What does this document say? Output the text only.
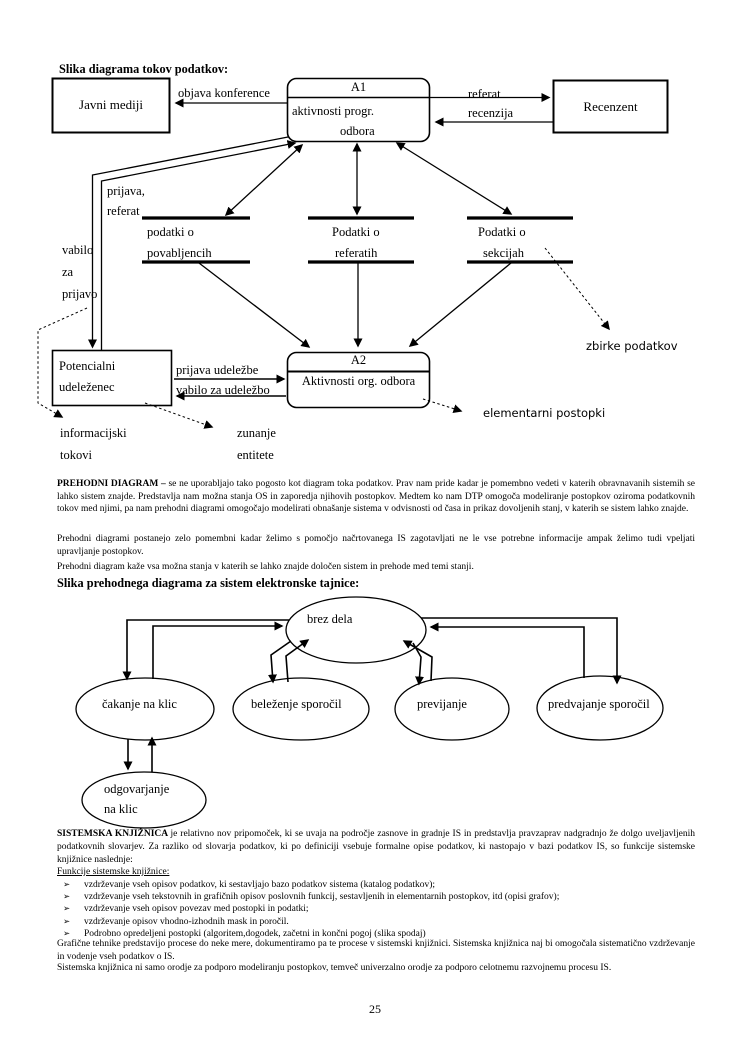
Slika diagrama tokov podatkov:
Slika prehodnega diagrama za sistem elektronske tajnice:
Javni mediji	Recenzent
A1
aktivnosti progr.
odbora
A2
Aktivnosti org. odbora
Potencialni
udeleženec
podatki o
povabljencih
Podatki o
referatih
Podatki o
sekcijah
objava konference	referat
recenzija
prijava,
referat
vabilo
za
prijavo
prijava udeležbe
vabilo za udeležbo
zbirke podatkov
elementarni postopki
informacijski
tokovi
zunanje
entitete
brez dela
čakanje na klic	beleženje sporočil	previjanje	predvajanje sporočil
odgovarjanje
na klic

PREHODNI DIAGRAM – se ne uporabljajo tako pogosto kot diagram toka podatkov. Prav nam pride kadar je pomembno vedeti v katerih obravnavanih sistemih se lahko sistem znajde. Predstavlja nam možna stanja OS in zaporedja njihovih postopkov. Medtem ko nam DTP omogoča modeliranje postopkov oziroma podatkovnih tokov med njimi, pa nam prehodni diagrami omogočajo modelirati obnašanje sistema v odvisnosti od časa in prikaz dovoljenih stanj, v katerih se sistem lahko znajde.

Prehodni diagrami postanejo zelo pomembni kadar želimo s pomočjo načrtovanega IS zagotavljati ne le vse potrebne informacije ampak želimo tudi vpeljati upravljanje postopkov.

Prehodni diagram kaže vsa možna stanja v katerih se lahko znajde določen sistem in prehode med temi stanji.

SISTEMSKA KNJIŽNICA je relativno nov pripomoček, ki se uvaja na področje zasnove in gradnje IS in predstavlja pravzaprav nadgradnjo že dolgo uveljavljenih podatkovnih slovarjev. Za razliko od slovarja podatkov, ki po definiciji vsebuje formalne opise podatkov, ki nastopajo v bazi podatkov IS, so funkcije sistemske knjižnice naslednje:

Funkcije sistemske knjižnice:

➢	vzdrževanje vseh opisov podatkov, ki sestavljajo bazo podatkov sistema (katalog podatkov);
➢	vzdrževanje vseh tekstovnih in grafičnih opisov poslovnih funkcij, sestavljenih in elementarnih postopkov, itd (opisi grafov);
➢	vzdrževanje vseh opisov povezav med postopki in podatki;
➢	vzdrževanje opisov vhodno-izhodnih mask in poročil.
➢	Podrobno opredeljeni postopki (algoritem,dogodek, začetni in končni pogoj (slika spodaj)

Grafične tehnike predstavijo procese do neke mere, dokumentiramo pa te procese v sistemski knjižnici. Sistemska knjižnica naj bi omogočala sistematično vzdrževanje in vodenje vseh podatkov o IS.

Sistemska knjižnica ni samo orodje za podporo modeliranju postopkov, temveč univerzalno orodje za podporo celotnemu razvojnemu procesu IS.

25
